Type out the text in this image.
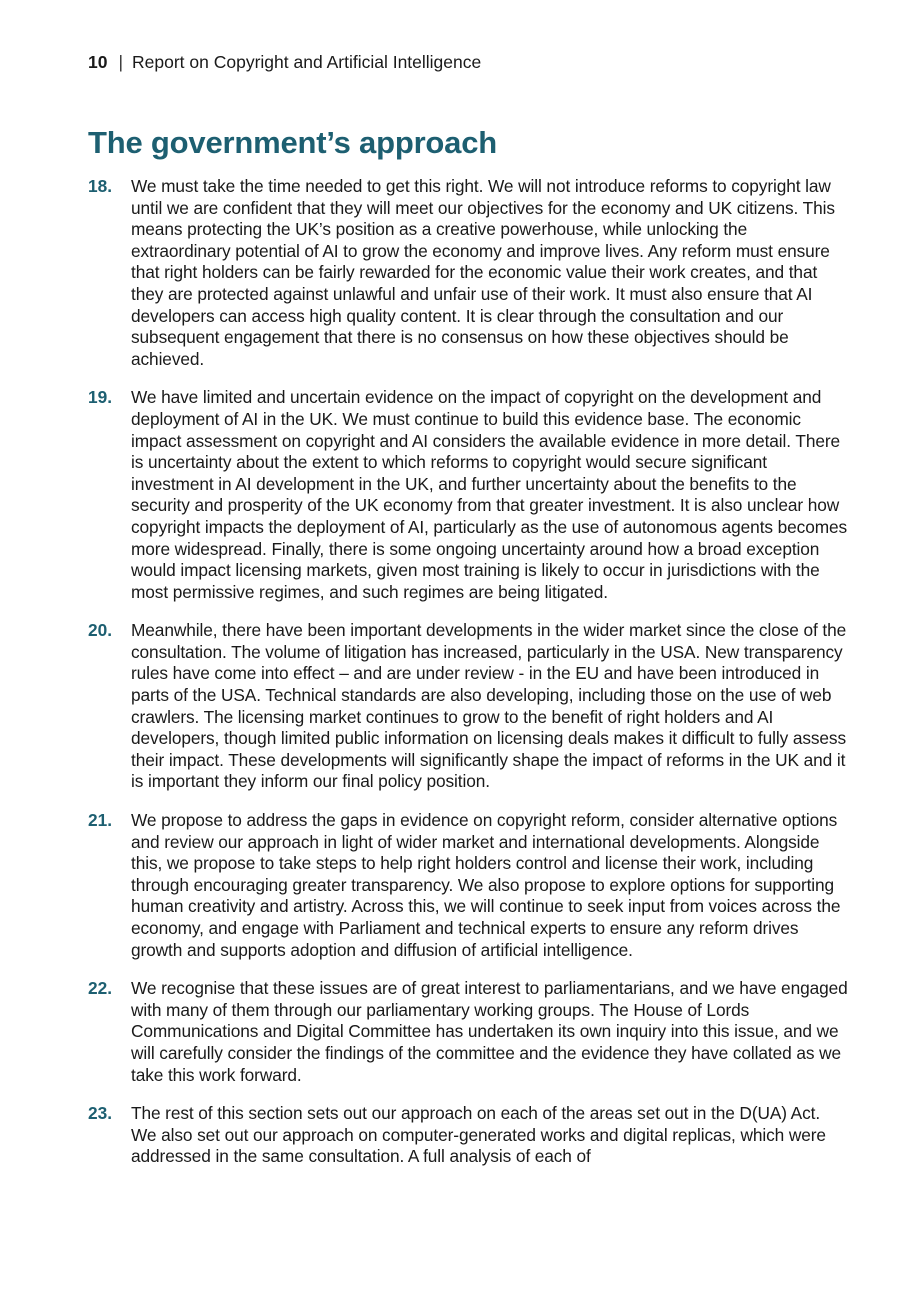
10 | Report on Copyright and Artificial Intelligence
The government’s approach
18. We must take the time needed to get this right. We will not introduce reforms to copyright law until we are confident that they will meet our objectives for the economy and UK citizens. This means protecting the UK’s position as a creative powerhouse, while unlocking the extraordinary potential of AI to grow the economy and improve lives. Any reform must ensure that right holders can be fairly rewarded for the economic value their work creates, and that they are protected against unlawful and unfair use of their work. It must also ensure that AI developers can access high quality content. It is clear through the consultation and our subsequent engagement that there is no consensus on how these objectives should be achieved.
19. We have limited and uncertain evidence on the impact of copyright on the development and deployment of AI in the UK. We must continue to build this evidence base. The economic impact assessment on copyright and AI considers the available evidence in more detail. There is uncertainty about the extent to which reforms to copyright would secure significant investment in AI development in the UK, and further uncertainty about the benefits to the security and prosperity of the UK economy from that greater investment. It is also unclear how copyright impacts the deployment of AI, particularly as the use of autonomous agents becomes more widespread. Finally, there is some ongoing uncertainty around how a broad exception would impact licensing markets, given most training is likely to occur in jurisdictions with the most permissive regimes, and such regimes are being litigated.
20. Meanwhile, there have been important developments in the wider market since the close of the consultation. The volume of litigation has increased, particularly in the USA. New transparency rules have come into effect – and are under review - in the EU and have been introduced in parts of the USA. Technical standards are also developing, including those on the use of web crawlers. The licensing market continues to grow to the benefit of right holders and AI developers, though limited public information on licensing deals makes it difficult to fully assess their impact. These developments will significantly shape the impact of reforms in the UK and it is important they inform our final policy position.
21. We propose to address the gaps in evidence on copyright reform, consider alternative options and review our approach in light of wider market and international developments. Alongside this, we propose to take steps to help right holders control and license their work, including through encouraging greater transparency. We also propose to explore options for supporting human creativity and artistry. Across this, we will continue to seek input from voices across the economy, and engage with Parliament and technical experts to ensure any reform drives growth and supports adoption and diffusion of artificial intelligence.
22. We recognise that these issues are of great interest to parliamentarians, and we have engaged with many of them through our parliamentary working groups. The House of Lords Communications and Digital Committee has undertaken its own inquiry into this issue, and we will carefully consider the findings of the committee and the evidence they have collated as we take this work forward.
23. The rest of this section sets out our approach on each of the areas set out in the D(UA) Act. We also set out our approach on computer-generated works and digital replicas, which were addressed in the same consultation. A full analysis of each of
